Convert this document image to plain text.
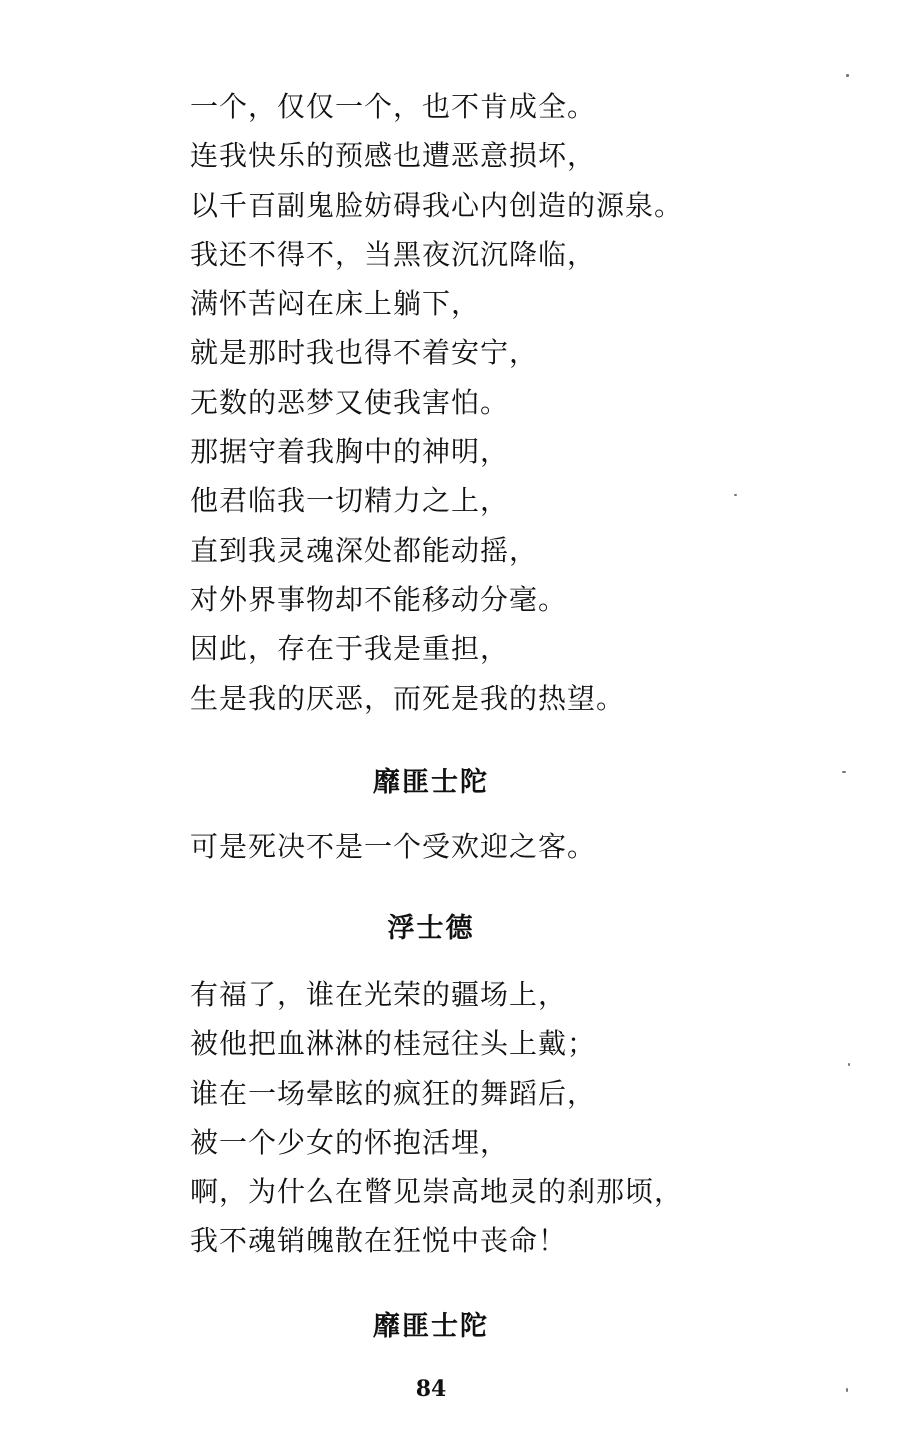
一个，仅仅一个，也不肯成全。
连我快乐的预感也遭恶意损坏，
以千百副鬼脸妨碍我心内创造的源泉。
我还不得不，当黑夜沉沉降临，
满怀苦闷在床上躺下，
就是那时我也得不着安宁，
无数的恶梦又使我害怕。
那据守着我胸中的神明，
他君临我一切精力之上，
直到我灵魂深处都能动摇，
对外界事物却不能移动分毫。
因此，存在于我是重担，
生是我的厌恶，而死是我的热望。
靡匪士陀
可是死决不是一个受欢迎之客。
浮士德
有福了，谁在光荣的疆场上，
被他把血淋淋的桂冠往头上戴；
谁在一场晕眩的疯狂的舞蹈后，
被一个少女的怀抱活埋，
啊，为什么在瞥见崇高地灵的刹那顷，
我不魂销魄散在狂悦中丧命！
靡匪士陀
84
